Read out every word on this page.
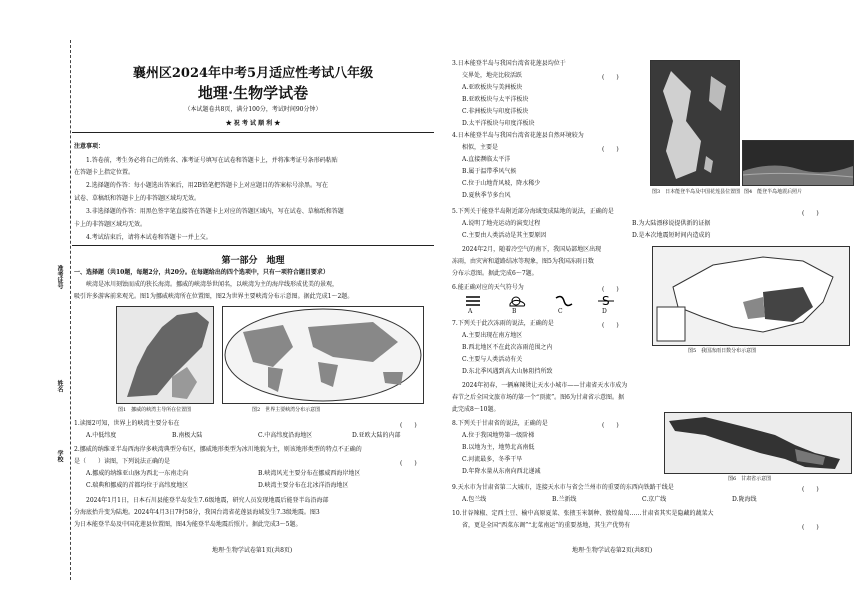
准考证号
姓名
学校
襄州区2024年中考5月适应性考试八年级
地理·生物学试卷
（本试题卷共8页，满分100分，考试时间90分钟）
★ 祝 考 试 顺 利 ★
注意事项：
1.答卷前，考生务必将自己的姓名、准考证号填写在试卷和答题卡上，并将准考证号条形码粘贴
在答题卡上指定位置。
2.选择题的作答：每小题选出答案后，用2B铅笔把答题卡上对应题目的答案标号涂黑。写在
试卷、草稿纸和答题卡上的非答题区域均无效。
3.非选择题的作答：用黑色签字笔直接答在答题卡上对应的答题区域内，写在试卷、草稿纸和答题
卡上的非答题区域均无效。
4.考试结束后，请将本试卷和答题卡一并上交。
第一部分　地理
一、选择题（共10题，每题2分，共20分。在每题给出的四个选项中，只有一项符合题目要求）
峡湾是冰川刻蚀而成的狭长海湾。挪威的峡湾举世闻名，以峡湾为主的海岸线形成优美的景观，
吸引许多游客前来观光。图1为挪威峡湾所在位置图，图2为世界主要峡湾分布示意图。据此完成1～2题。
图1　挪威的峡湾主导所在位置图	图2　世界主要峡湾分布示意图
1.读图2可知，世界上的峡湾主要分布在	(　　)
A.中低纬度	B.南极大陆	C.中高纬度沿海地区	D.亚欧大陆的内部
2.挪威的纳维亚半岛西海岸多峡湾典型分布区，挪威地形类型为冰川地貌为主，则该地形类型的特点不正确的
是（　　）读图，下列说法正确的是	(　　)
A.挪威的纳维亚山脉为西北一东南走向	B.峡湾风光主要分布在挪威西海岸地区
C.瑞典和挪威的首都均位于高纬度地区	D.峡湾主要分布在北冰洋沿海地区
2024年1月1日，日本石川县能登半岛发生7.6级地震，研究人员发现地震后能登半岛沿海部
分海底抬升变为陆地。2024年4月3日7时58分，我国台湾省花莲县海域发生7.3级地震。图3
为日本能登半岛及中国花莲县位置图，图4为能登半岛地震后照片。据此完成3～5题。
地理·生物学试卷第1页(共8页)
3.日本能登半岛与我国台湾省花莲县均位于
交界处，地壳比较活跃	(　　)
A.亚欧板块与美洲板块
B.亚欧板块与太平洋板块
C.非洲板块与印度洋板块
D.太平洋板块与印度洋板块
4.日本能登半岛与我国台湾省花莲县自然环境较为
相似，主要是	(　　)
A.直接濒临太平洋
B.属于温带季风气候
C.位于山地背风坡，降水稀少
D.夏秋季节多台风	图3　日本能登半岛及中国花莲县位置图 图4　能登半岛地震后照片
5.下列关于能登半岛附近部分海域变成陆地的说法，正确的是	(　　)
A.说明了地壳运动的演变过程	B.为大陆漂移说提供新的证据
C.主要由人类活动是其主要原因	D.是本次地震短时间内造成的
2024年2月，随着冷空气的南下，我国局部地区出现
冻雨，由灾害和道路结冰等现象，图5为我国冻雨日数
分布示意图。据此完成6～7题。
6.能正确对应的天气符号为	(　　)
S
A	B	C	D
7.下列关于此次冻雨的说法，正确的是	(　　)
A.主要出现在南方地区
B.西北地区不在此次冻雨范围之内
C.主要与人类活动有关
D.东北季风遇到高大山脉阻挡所致
图5　我国冻雨日数分布示意图
2024年初春，一辆麻辣烫让天水小城市——甘肃省天水市成为
春节之后全国文旅市场的第一个“顶流”。图6为甘肃省示意图。据
此完成8～10题。
8.下列关于甘肃省的说法，正确的是	(　　)
A.位于我国地势第一级阶梯
B.以地为主，地势北高南低
C.河流最多，冬季干旱
D.年降水量从东南向西北递减
图6　甘肃省示意图
9.天水市为甘肃省第二大城市，连接天水市与省会兰州市的重要的东西向铁路干线是	(　　)
A.包兰线	B.兰新线	C.京广线	D.陇海线
10.甘谷辣椒、定西土豆、榆中高原夏菜、张掖玉米制种、敦煌葡萄……甘肃省其实是隐藏的蔬菜大
省，更是全国“西菜东调”“北菜南运”的重要基地，其生产优势有	(　　)
地理·生物学试卷第2页(共8页)
